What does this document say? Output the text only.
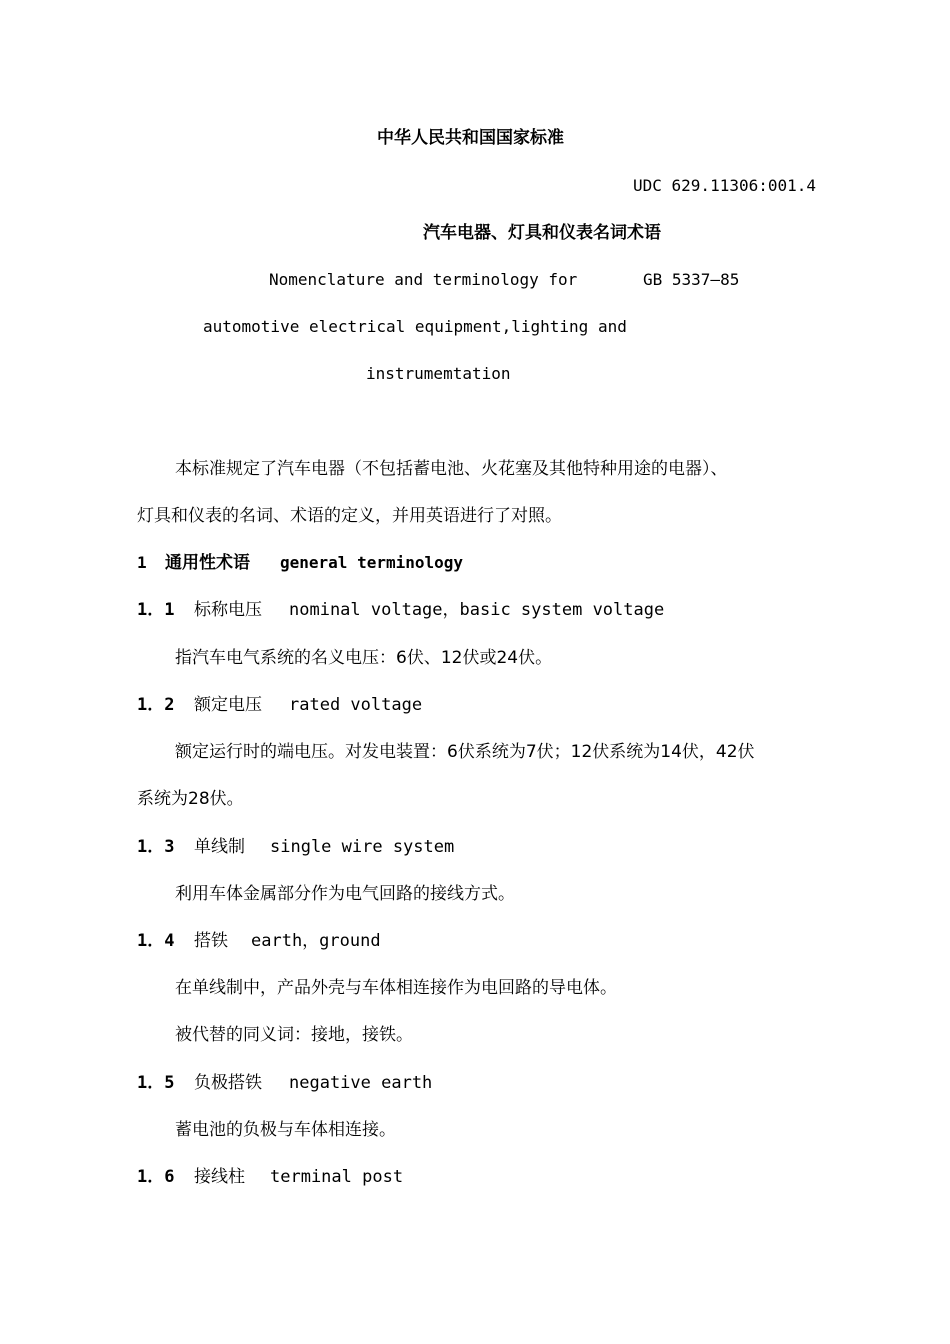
中华人民共和国国家标准
UDC 629.11306:001.4
汽车电器、灯具和仪表名词术语
Nomenclature and terminology for	GB 5337—85
automotive electrical equipment,lighting and
instrumemtation
本标准规定了汽车电器（不包括蓄电池、火花塞及其他特种用途的电器）、
灯具和仪表的名词、术语的定义，并用英语进行了对照。
1 通用性术语 general terminology
1．1 标称电压 nominal voltage，basic system voltage
指汽车电气系统的名义电压：6伏、12伏或24伏。
1．2 额定电压 rated voltage
额定运行时的端电压。对发电装置：6伏系统为7伏；12伏系统为14伏，42伏
系统为28伏。
1．3 单线制 single wire system
利用车体金属部分作为电气回路的接线方式。
1．4 搭铁 earth，ground
在单线制中，产品外壳与车体相连接作为电回路的导电体。
被代替的同义词：接地，接铁。
1．5 负极搭铁 negative earth
蓄电池的负极与车体相连接。
1．6 接线柱 terminal post
